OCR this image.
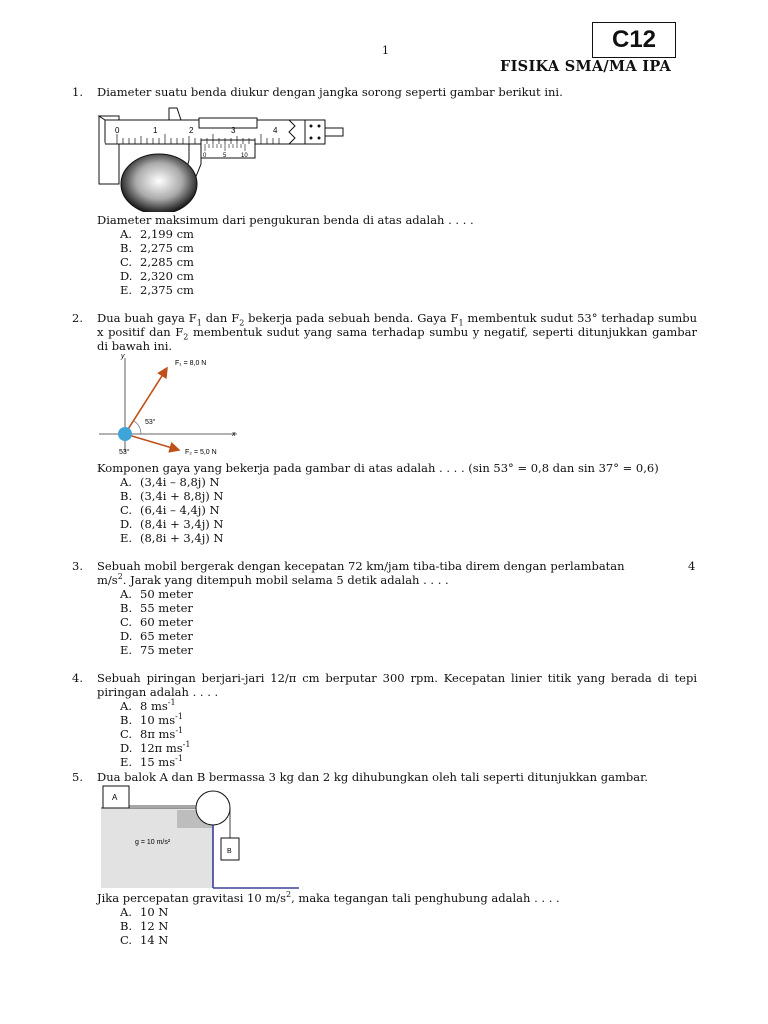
C12
1
FISIKA SMA/MA IPA
1. Diameter suatu benda diukur dengan jangka sorong seperti gambar berikut ini.
0	1	2	3	4
0	5 10
Diameter maksimum dari pengukuran benda di atas adalah . . . .
A. 2,199 cm
B. 2,275 cm
C. 2,285 cm
D. 2,320 cm
E. 2,375 cm
2. Dua buah gaya $F_1$ dan $F_2$ bekerja pada sebuah benda. Gaya $F_1$ membentuk sudut 53° terhadap sumbu x positif dan $F_2$ membentuk sudut yang sama terhadap sumbu y negatif, seperti ditunjukkan gambar di bawah ini.
y
x
F₁ = 8,0 N
F₂ = 5,0 N
53°
53°
Komponen gaya yang bekerja pada gambar di atas adalah . . . . (sin 53° = 0,8 dan sin 37° = 0,6)
A. (3,4i – 8,8j) N
B. (3,4i + 8,8j) N
C. (6,4i – 4,4j) N
D. (8,4i + 3,4j) N
E. (8,8i + 3,4j) N
3. Sebuah mobil bergerak dengan kecepatan 72 km/jam tiba-tiba direm dengan perlambatan	4
$m/s^2$. Jarak yang ditempuh mobil selama 5 detik adalah . . . .
A. 50 meter
B. 55 meter
C. 60 meter
D. 65 meter
E. 75 meter
4. Sebuah piringan berjari-jari 12/π cm berputar 300 rpm. Kecepatan linier titik yang berada di tepi piringan adalah . . . .
A. 8 $ms^{-1}$
B. 10 $ms^{-1}$
C. 8π $ms^{-1}$
D. 12π $ms^{-1}$
E. 15 $ms^{-1}$
5. Dua balok A dan B bermassa 3 kg dan 2 kg dihubungkan oleh tali seperti ditunjukkan gambar.
A
B
g = 10 m/s²
Jika percepatan gravitasi 10 $m/s^2$, maka tegangan tali penghubung adalah . . . .
A. 10 N
B. 12 N
C. 14 N
